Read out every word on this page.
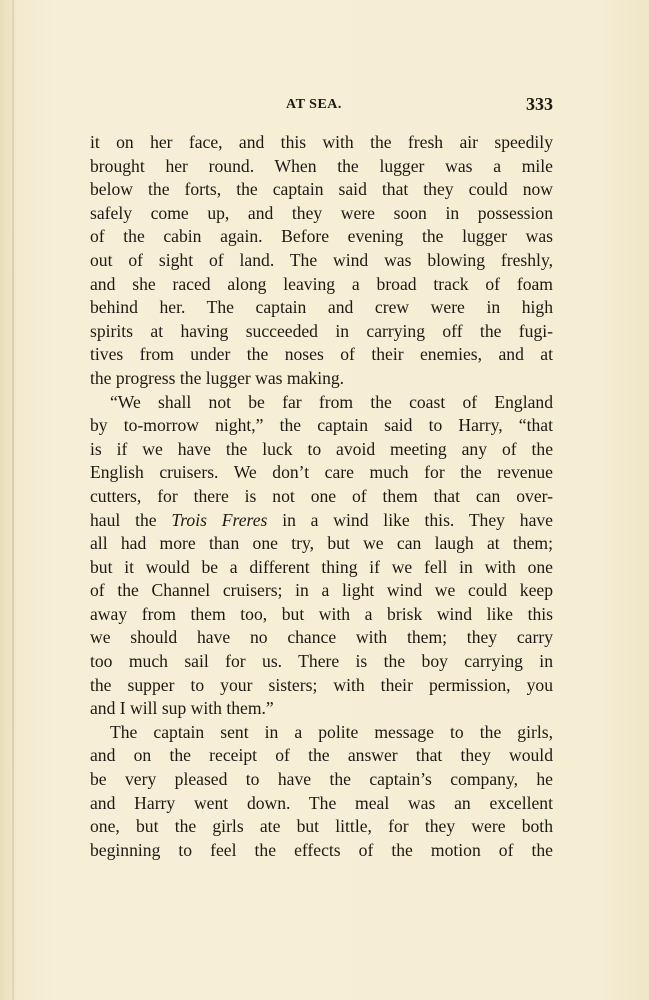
AT SEA.	333
it on her face, and this with the fresh air speedily
brought her round. When the lugger was a mile
below the forts, the captain said that they could now
safely come up, and they were soon in possession
of the cabin again. Before evening the lugger was
out of sight of land. The wind was blowing freshly,
and she raced along leaving a broad track of foam
behind her. The captain and crew were in high
spirits at having succeeded in carrying off the fugi-
tives from under the noses of their enemies, and at
the progress the lugger was making.
“We shall not be far from the coast of England
by to-morrow night,” the captain said to Harry, “that
is if we have the luck to avoid meeting any of the
English cruisers. We don’t care much for the revenue
cutters, for there is not one of them that can over-
haul the Trois Freres in a wind like this. They have
all had more than one try, but we can laugh at them;
but it would be a different thing if we fell in with one
of the Channel cruisers; in a light wind we could keep
away from them too, but with a brisk wind like this
we should have no chance with them; they carry
too much sail for us. There is the boy carrying in
the supper to your sisters; with their permission, you
and I will sup with them.”
The captain sent in a polite message to the girls,
and on the receipt of the answer that they would
be very pleased to have the captain’s company, he
and Harry went down. The meal was an excellent
one, but the girls ate but little, for they were both
beginning to feel the effects of the motion of the
